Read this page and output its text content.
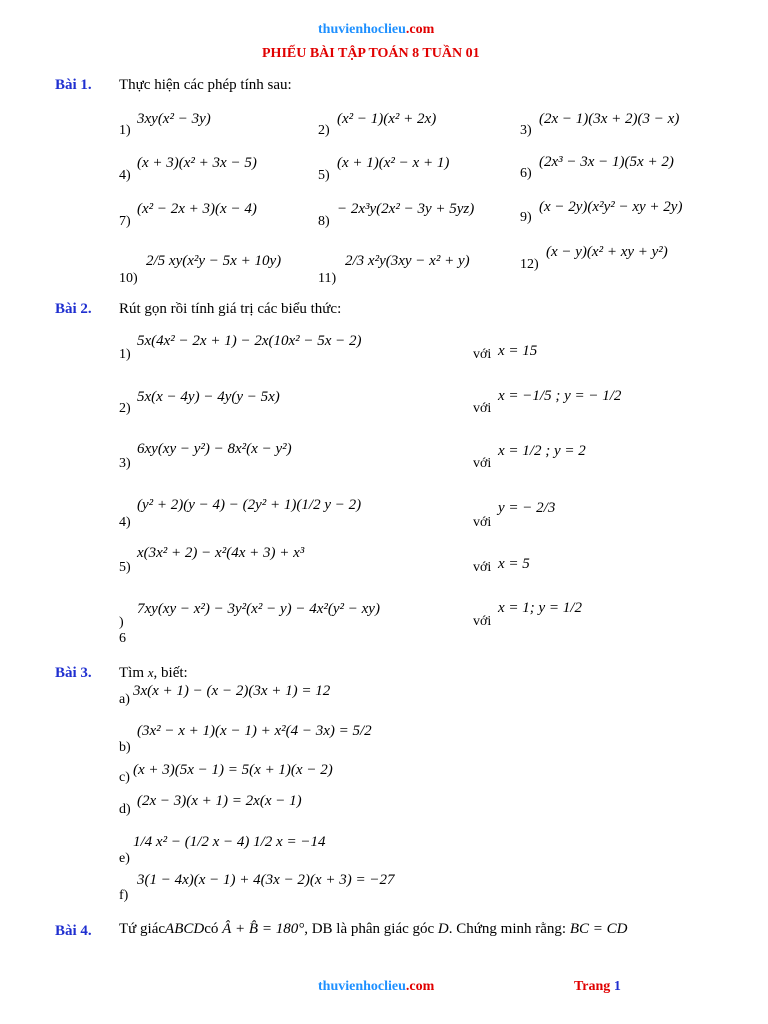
thuvienhoclieu.com
PHIẾU BÀI TẬP TOÁN 8 TUẦN 01
Bài 1. Thực hiện các phép tính sau:
1)
3xy(x² − 3y)
2)
(x² − 1)(x² + 2x)
3)
(2x − 1)(3x + 2)(3 − x)
4)
(x + 3)(x² + 3x − 5)
5)
(x + 1)(x² − x + 1)
6)
(2x³ − 3x − 1)(5x + 2)
7)
(x² − 2x + 3)(x − 4)
8)
− 2x³y(2x² − 3y + 5yz)
9)
(x − 2y)(x²y² − xy + 2y)
10)
2/5 xy(x²y − 5x + 10y)
11)
2/3 x²y(3xy − x² + y)	12)
(x − y)(x² + xy + y²)
Bài 2. Rút gọn rồi tính giá trị các biểu thức:
1)
5x(4x² − 2x + 1) − 2x(10x² − 5x − 2)
với x = 15
2)
5x(x − 4y) − 4y(y − 5x)
với
x = −1/5 ; y = − 1/2
3)
6xy(xy − y²) − 8x²(x − y²)
với
x = 1/2 ; y = 2
4)
(y² + 2)(y − 4) − (2y² + 1)(1/2 y − 2)
với
y = − 2/3
5)
x(3x² + 2) − x²(4x + 3) + x³
với x = 5
)
6
7xy(xy − x²) − 3y²(x² − y) − 4x²(y² − xy)
với
x = 1; y = 1/2
Bài 3. Tìm x, biết:
a)
3x(x + 1) − (x − 2)(3x + 1) = 12
b)
(3x² − x + 1)(x − 1) + x²(4 − 3x) = 5/2
c) (x + 3)(5x − 1) = 5(x + 1)(x − 2)
d)
(2x − 3)(x + 1) = 2x(x − 1)
e)
1/4 x² − (1/2 x − 4) 1/2 x = −14
f)
3(1 − 4x)(x − 1) + 4(3x − 2)(x + 3) = −27
Bài 4. Tứ giácABCDcó Â + B̂ = 180°, DB là phân giác góc D. Chứng minh rằng: BC = CD
thuvienhoclieu.com	Trang 1
